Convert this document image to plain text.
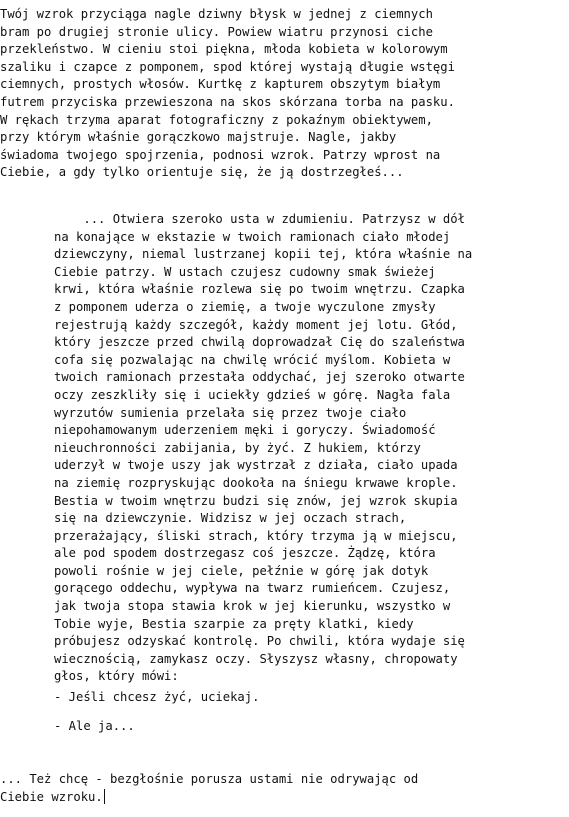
Twój wzrok przyciąga nagle dziwny błysk w jednej z ciemnych
bram po drugiej stronie ulicy. Powiew wiatru przynosi ciche
przekleństwo. W cieniu stoi piękna, młoda kobieta w kolorowym
szaliku i czapce z pomponem, spod której wystają długie wstęgi
ciemnych, prostych włosów. Kurtkę z kapturem obszytym białym
futrem przyciska przewieszona na skos skórzana torba na pasku.
W rękach trzyma aparat fotograficzny z pokaźnym obiektywem,
przy którym właśnie gorączkowo majstruje. Nagle, jakby
świadoma twojego spojrzenia, podnosi wzrok. Patrzy wprost na
Ciebie, a gdy tylko orientuje się, że ją dostrzegłeś...

... Otwiera szeroko usta w zdumieniu. Patrzysz w dół
na konające w ekstazie w twoich ramionach ciało młodej
dziewczyny, niemal lustrzanej kopii tej, która właśnie na
Ciebie patrzy. W ustach czujesz cudowny smak świeżej
krwi, która właśnie rozlewa się po twoim wnętrzu. Czapka
z pomponem uderza o ziemię, a twoje wyczulone zmysły
rejestrują każdy szczegół, każdy moment jej lotu. Głód,
który jeszcze przed chwilą doprowadzał Cię do szaleństwa
cofa się pozwalając na chwilę wrócić myślom. Kobieta w
twoich ramionach przestała oddychać, jej szeroko otwarte
oczy zeszkliły się i uciekły gdzieś w górę. Nagła fala
wyrzutów sumienia przelała się przez twoje ciało
niepohamowanym uderzeniem męki i goryczy. Świadomość
nieuchronności zabijania, by żyć. Z hukiem, którzy
uderzył w twoje uszy jak wystrzał z działa, ciało upada
na ziemię rozpryskując dookoła na śniegu krwawe krople.
Bestia w twoim wnętrzu budzi się znów, jej wzrok skupia
się na dziewczynie. Widzisz w jej oczach strach,
przerażający, śliski strach, który trzyma ją w miejscu,
ale pod spodem dostrzegasz coś jeszcze. Żądzę, która
powoli rośnie w jej ciele, pełźnie w górę jak dotyk
gorącego oddechu, wypływa na twarz rumieńcem. Czujesz,
jak twoja stopa stawia krok w jej kierunku, wszystko w
Tobie wyje, Bestia szarpie za pręty klatki, kiedy
próbujesz odzyskać kontrolę. Po chwili, która wydaje się
wiecznością, zamykasz oczy. Słyszysz własny, chropowaty
głos, który mówi:

- Jeśli chcesz żyć, uciekaj.

- Ale ja...

... Też chcę - bezgłośnie porusza ustami nie odrywając od
Ciebie wzroku.
